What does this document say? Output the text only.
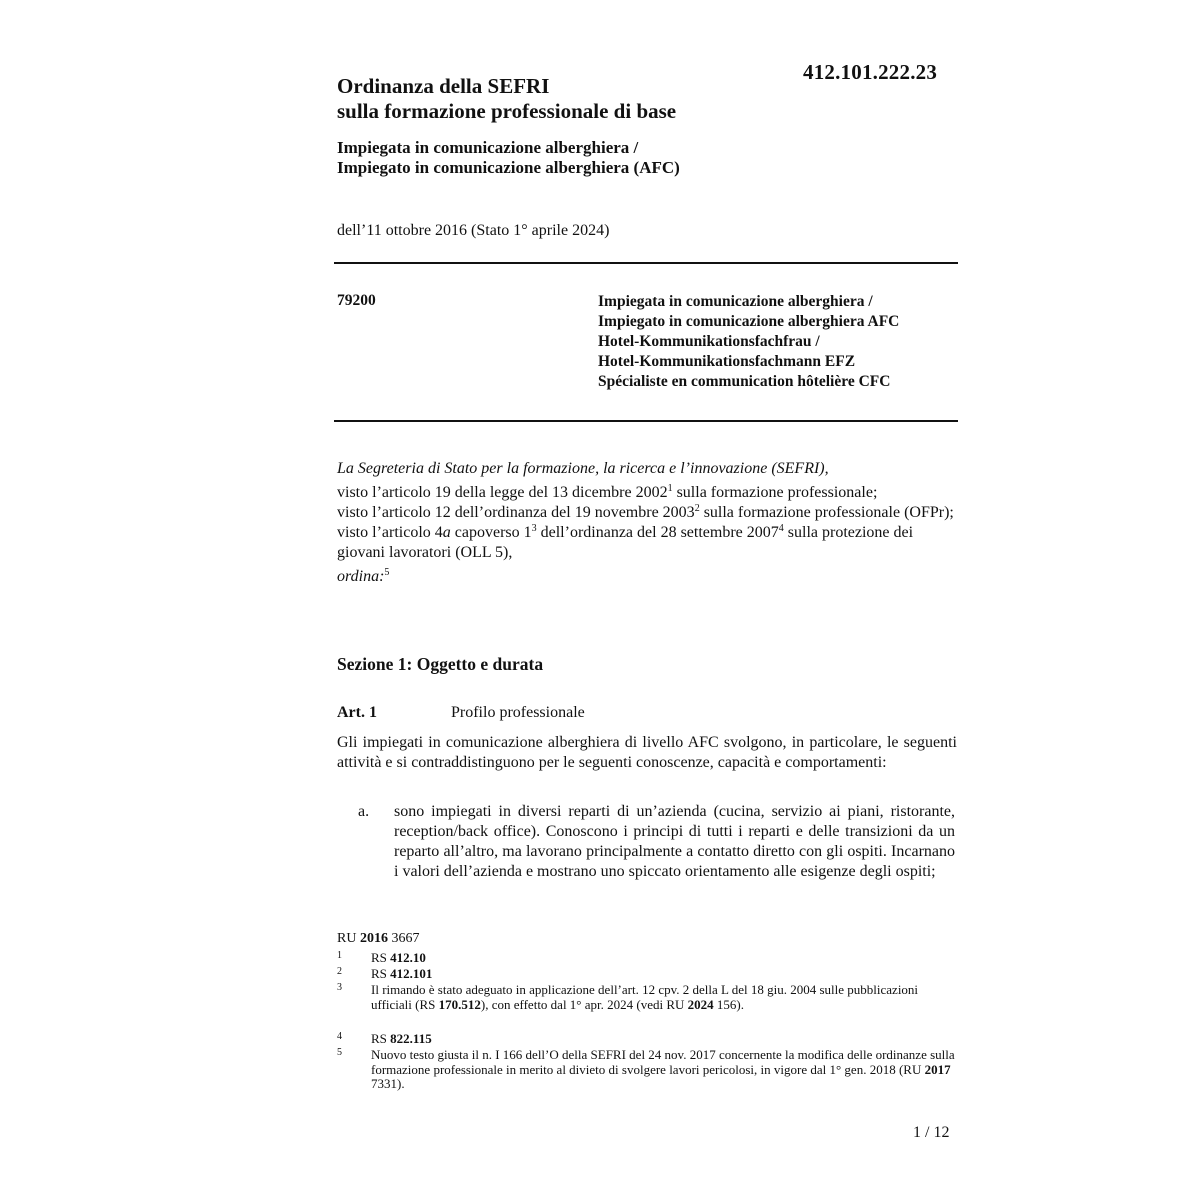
412.101.222.23
Ordinanza della SEFRI
sulla formazione professionale di base
Impiegata in comunicazione alberghiera /
Impiegato in comunicazione alberghiera (AFC)
dell’11 ottobre 2016 (Stato 1° aprile 2024)
79200	Impiegata in comunicazione alberghiera /
Impiegato in comunicazione alberghiera AFC
Hotel-Kommunikationsfachfrau /
Hotel-Kommunikationsfachmann EFZ
Spécialiste en communication hôtelière CFC
La Segreteria di Stato per la formazione, la ricerca e l’innovazione (SEFRI),
visto l’articolo 19 della legge del 13 dicembre 2002$^1$ sulla formazione professionale;
visto l’articolo 12 dell’ordinanza del 19 novembre 2003$^2$ sulla formazione professionale (OFPr);
visto l’articolo 4a capoverso 1$^3$ dell’ordinanza del 28 settembre 2007$^4$ sulla protezione dei giovani lavoratori (OLL 5),
ordina:$^5$
Sezione 1: Oggetto e durata
Art. 1	Profilo professionale
Gli impiegati in comunicazione alberghiera di livello AFC svolgono, in particolare, le seguenti attività e si contraddistinguono per le seguenti conoscenze, capacità e comportamenti:
a. sono impiegati in diversi reparti di un’azienda (cucina, servizio ai piani, ristorante, reception/back office). Conoscono i principi di tutti i reparti e delle transizioni da un reparto all’altro, ma lavorano principalmente a contatto diretto con gli ospiti. Incarnano i valori dell’azienda e mostrano uno spiccato orientamento alle esigenze degli ospiti;
RU 2016 3667
1 RS 412.10
2 RS 412.101
3 Il rimando è stato adeguato in applicazione dell’art. 12 cpv. 2 della L del 18 giu. 2004 sulle pubblicazioni ufficiali (RS 170.512), con effetto dal 1° apr. 2024 (vedi RU 2024 156).
4 RS 822.115
5 Nuovo testo giusta il n. I 166 dell’O della SEFRI del 24 nov. 2017 concernente la modifica delle ordinanze sulla formazione professionale in merito al divieto di svolgere lavori pericolosi, in vigore dal 1° gen. 2018 (RU 2017 7331).
1 / 12
